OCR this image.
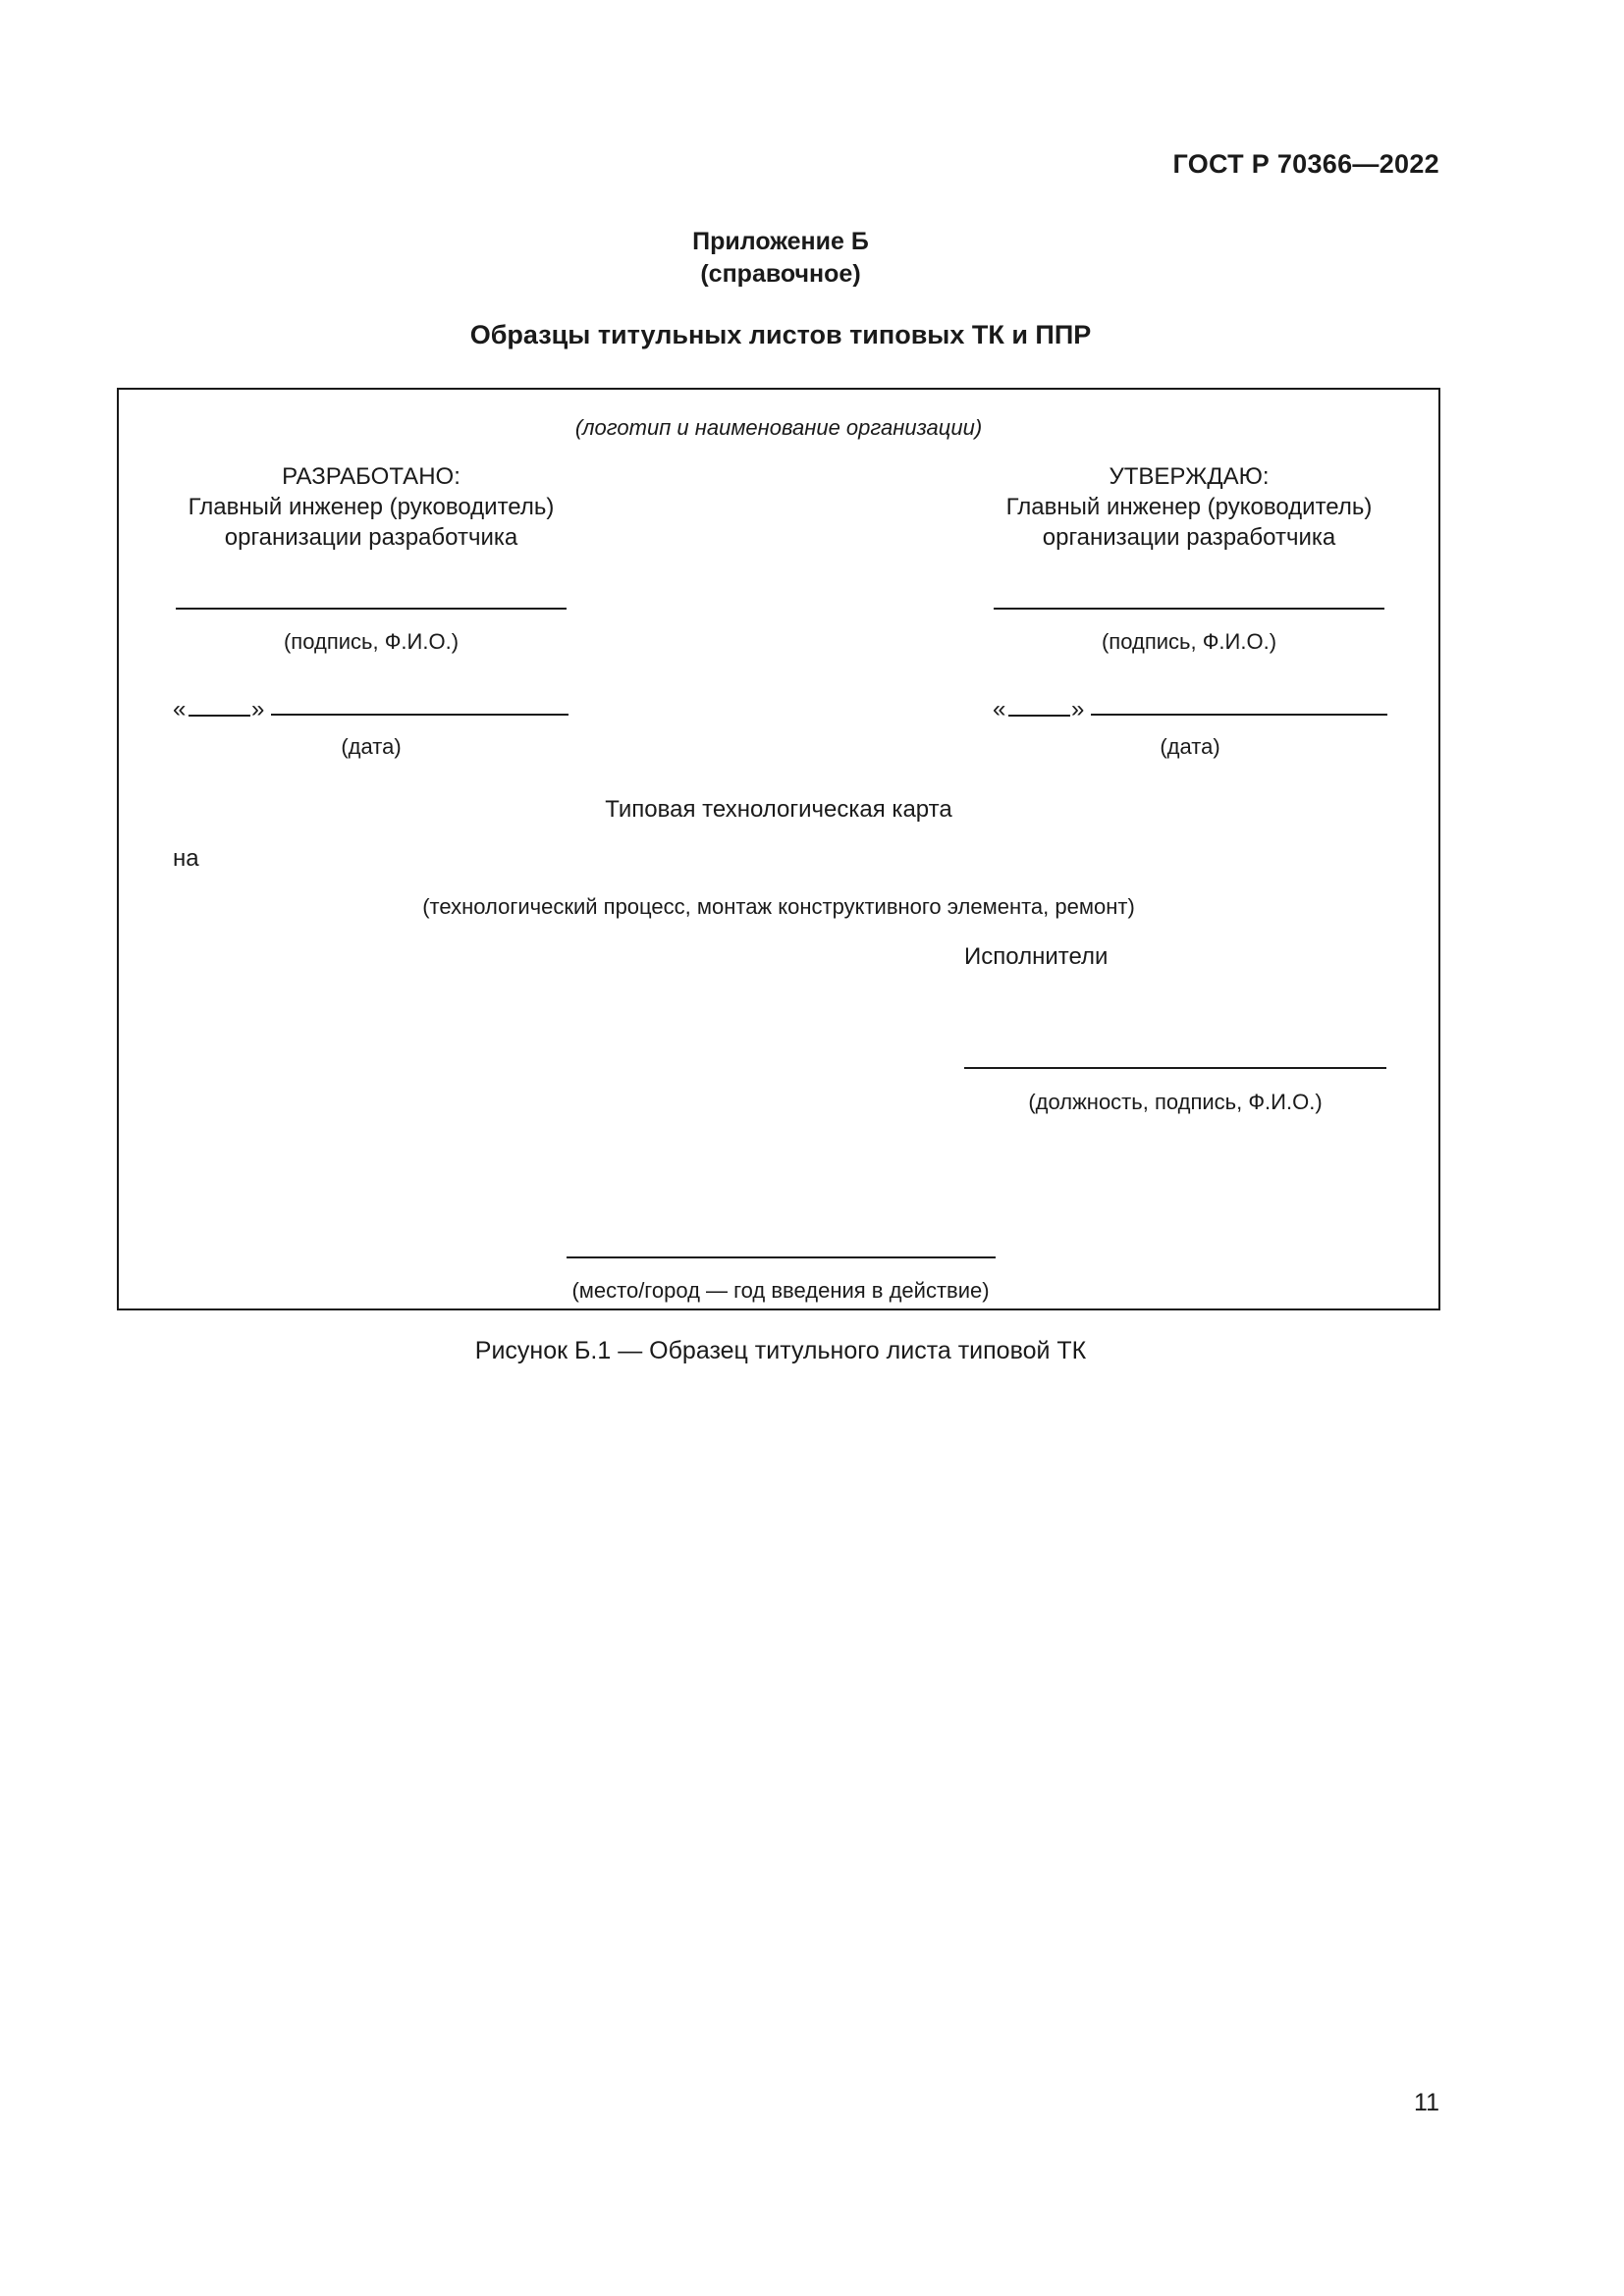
ГОСТ Р 70366—2022
Приложение Б
(справочное)
Образцы титульных листов типовых ТК и ППР
(логотип и наименование организации)
РАЗРАБОТАНО:
Главный инженер (руководитель)
организации разработчика
(подпись, Ф.И.О.)
«	»
(дата)
УТВЕРЖДАЮ:
Главный инженер (руководитель)
организации разработчика
(подпись, Ф.И.О.)
«	»
(дата)
Типовая технологическая карта
на
(технологический процесс, монтаж конструктивного элемента, ремонт)
Исполнители
(должность, подпись, Ф.И.О.)
(место/город — год введения в действие)
Рисунок Б.1 — Образец титульного листа типовой ТК
11
